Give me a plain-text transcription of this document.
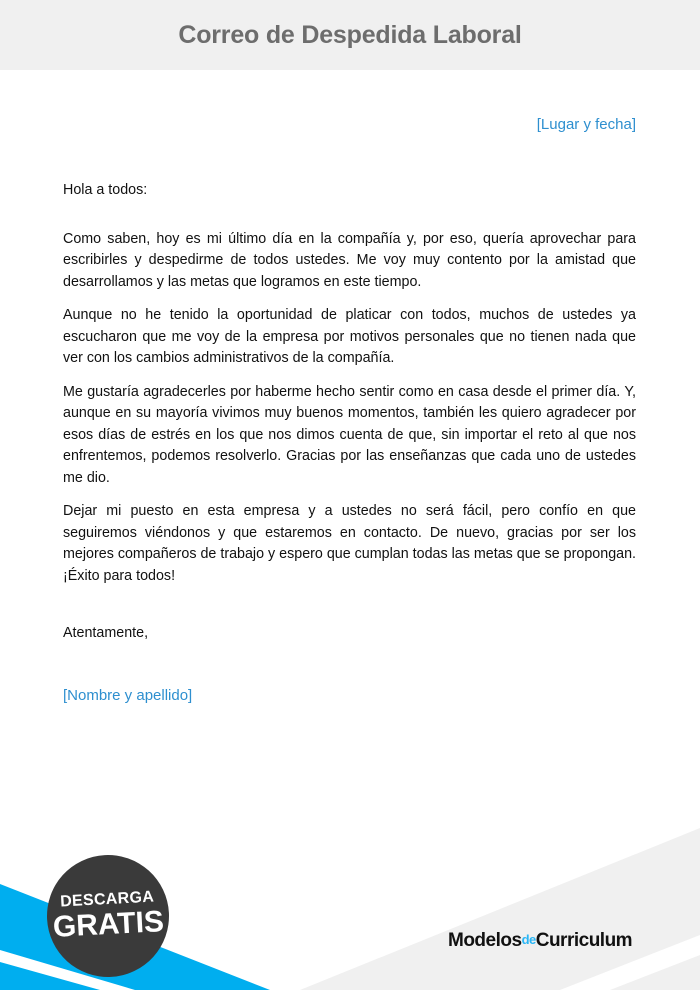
Correo de Despedida Laboral
[Lugar y fecha]

Hola a todos:

Como saben, hoy es mi último día en la compañía y, por eso, quería aprovechar para escribirles y despedirme de todos ustedes. Me voy muy contento por la amistad que desarrollamos y las metas que logramos en este tiempo.

Aunque no he tenido la oportunidad de platicar con todos, muchos de ustedes ya escucharon que me voy de la empresa por motivos personales que no tienen nada que ver con los cambios administrativos de la compañía.

Me gustaría agradecerles por haberme hecho sentir como en casa desde el primer día. Y, aunque en su mayoría vivimos muy buenos momentos, también les quiero agradecer por esos días de estrés en los que nos dimos cuenta de que, sin importar el reto al que nos enfrentemos, podemos resolverlo. Gracias por las enseñanzas que cada uno de ustedes me dio.

Dejar mi puesto en esta empresa y a ustedes no será fácil, pero confío en que seguiremos viéndonos y que estaremos en contacto. De nuevo, gracias por ser los mejores compañeros de trabajo y espero que cumplan todas las metas que se propongan. ¡Éxito para todos!

Atentamente,
[Nombre y apellido]
DESCARGA
GRATIS	ModelosdeCurriculum
